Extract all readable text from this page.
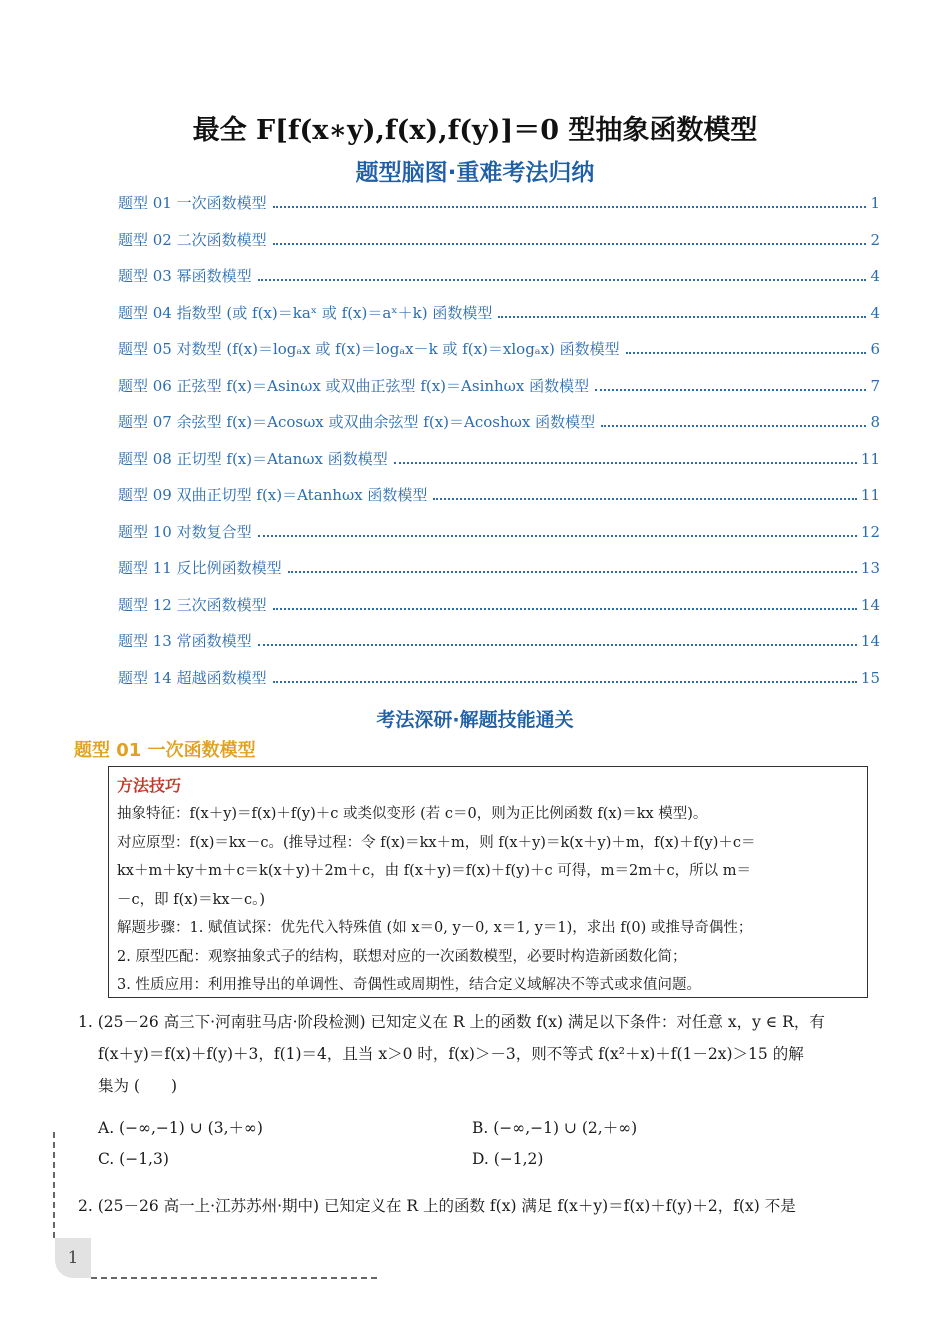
最全 F[f(x∗y),f(x),f(y)]＝0 型抽象函数模型
题型脑图·重难考法归纳
题型 01 一次函数模型	1
题型 02 二次函数模型	2
题型 03 幂函数模型	4
题型 04 指数型 (或 f(x)＝kaˣ 或 f(x)＝aˣ＋k) 函数模型	4
题型 05 对数型 (f(x)＝logₐx 或 f(x)＝logₐx－k 或 f(x)＝xlogₐx) 函数模型	6
题型 06 正弦型 f(x)＝Asinωx 或双曲正弦型 f(x)＝Asinhωx 函数模型	7
题型 07 余弦型 f(x)＝Acosωx 或双曲余弦型 f(x)＝Acoshωx 函数模型	8
题型 08 正切型 f(x)＝Atanωx 函数模型	11
题型 09 双曲正切型 f(x)＝Atanhωx 函数模型	11
题型 10 对数复合型	12
题型 11 反比例函数模型	13
题型 12 三次函数模型	14
题型 13 常函数模型	14
题型 14 超越函数模型	15
考法深研·解题技能通关
题型 01 一次函数模型
方法技巧
抽象特征：f(x＋y)＝f(x)＋f(y)＋c 或类似变形 (若 c＝0，则为正比例函数 f(x)＝kx 模型)。
对应原型：f(x)＝kx－c。(推导过程：令 f(x)＝kx＋m，则 f(x＋y)＝k(x＋y)＋m，f(x)＋f(y)＋c＝
kx＋m＋ky＋m＋c＝k(x＋y)＋2m＋c，由 f(x＋y)＝f(x)＋f(y)＋c 可得，m＝2m＋c，所以 m＝
－c，即 f(x)＝kx－c。)
解题步骤：1. 赋值试探：优先代入特殊值 (如 x＝0, y－0, x＝1, y＝1)，求出 f(0) 或推导奇偶性；
2. 原型匹配：观察抽象式子的结构，联想对应的一次函数模型，必要时构造新函数化简；
3. 性质应用：利用推导出的单调性、奇偶性或周期性，结合定义域解决不等式或求值问题。
1. (25－26 高三下·河南驻马店·阶段检测) 已知定义在 R 上的函数 f(x) 满足以下条件：对任意 x，y ∈ R，有
f(x＋y)＝f(x)＋f(y)＋3，f(1)＝4，且当 x＞0 时，f(x)＞－3，则不等式 f(x²＋x)＋f(1－2x)＞15 的解
集为 (　　)
A. (−∞,−1) ∪ (3,＋∞)	B. (−∞,−1) ∪ (2,＋∞)
C. (−1,3)	D. (−1,2)
2. (25－26 高一上·江苏苏州·期中) 已知定义在 R 上的函数 f(x) 满足 f(x＋y)＝f(x)＋f(y)＋2，f(x) 不是
1
